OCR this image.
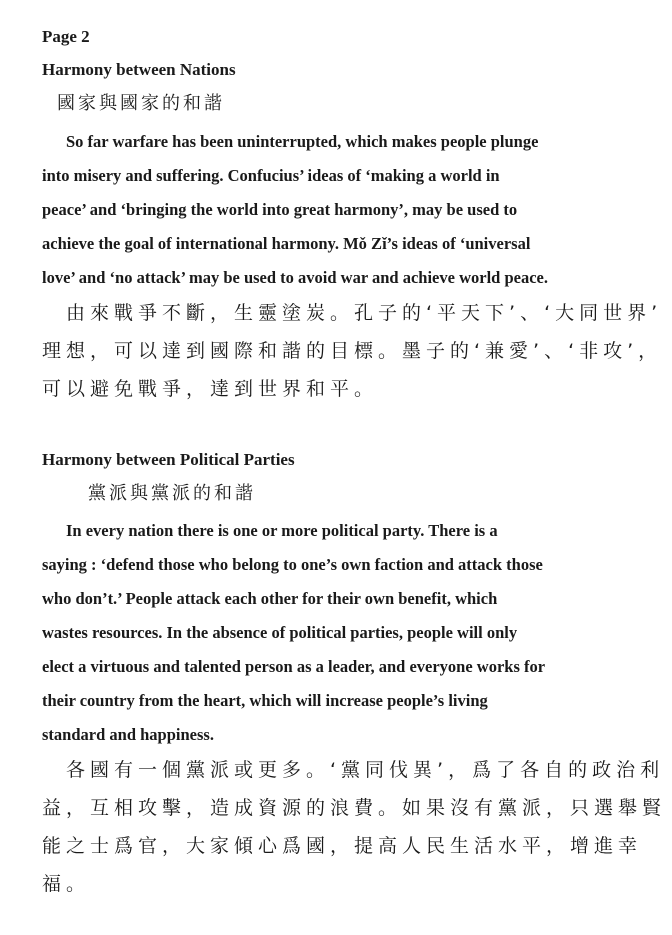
Page 2
Harmony between Nations
國家與國家的和諧
So far warfare has been uninterrupted, which makes people plunge
into misery and suffering. Confucius’ ideas of ‘making a world in
peace’ and ‘bringing the world into great harmony’, may be used to
achieve the goal of international harmony. Mǒ Zǐ’s ideas of ‘universal
love’ and ‘no attack’ may be used to avoid war and achieve world peace.
由來戰爭不斷，生靈塗炭。孔子的‘平天下’、‘大同世界’
理想，可以達到國際和諧的目標。墨子的‘兼愛’、‘非攻’，
可以避免戰爭，達到世界和平。
Harmony between Political Parties
黨派與黨派的和諧
In every nation there is one or more political party. There is a
saying : ‘defend those who belong to one’s own faction and attack those
who don’t.’ People attack each other for their own benefit, which
wastes resources. In the absence of political parties, people will only
elect a virtuous and talented person as a leader, and everyone works for
their country from the heart, which will increase people’s living
standard and happiness.
各國有一個黨派或更多。‘黨同伐異’，爲了各自的政治利
益，互相攻擊，造成資源的浪費。如果沒有黨派，只選舉賢
能之士爲官，大家傾心爲國，提高人民生活水平，增進幸
福。
